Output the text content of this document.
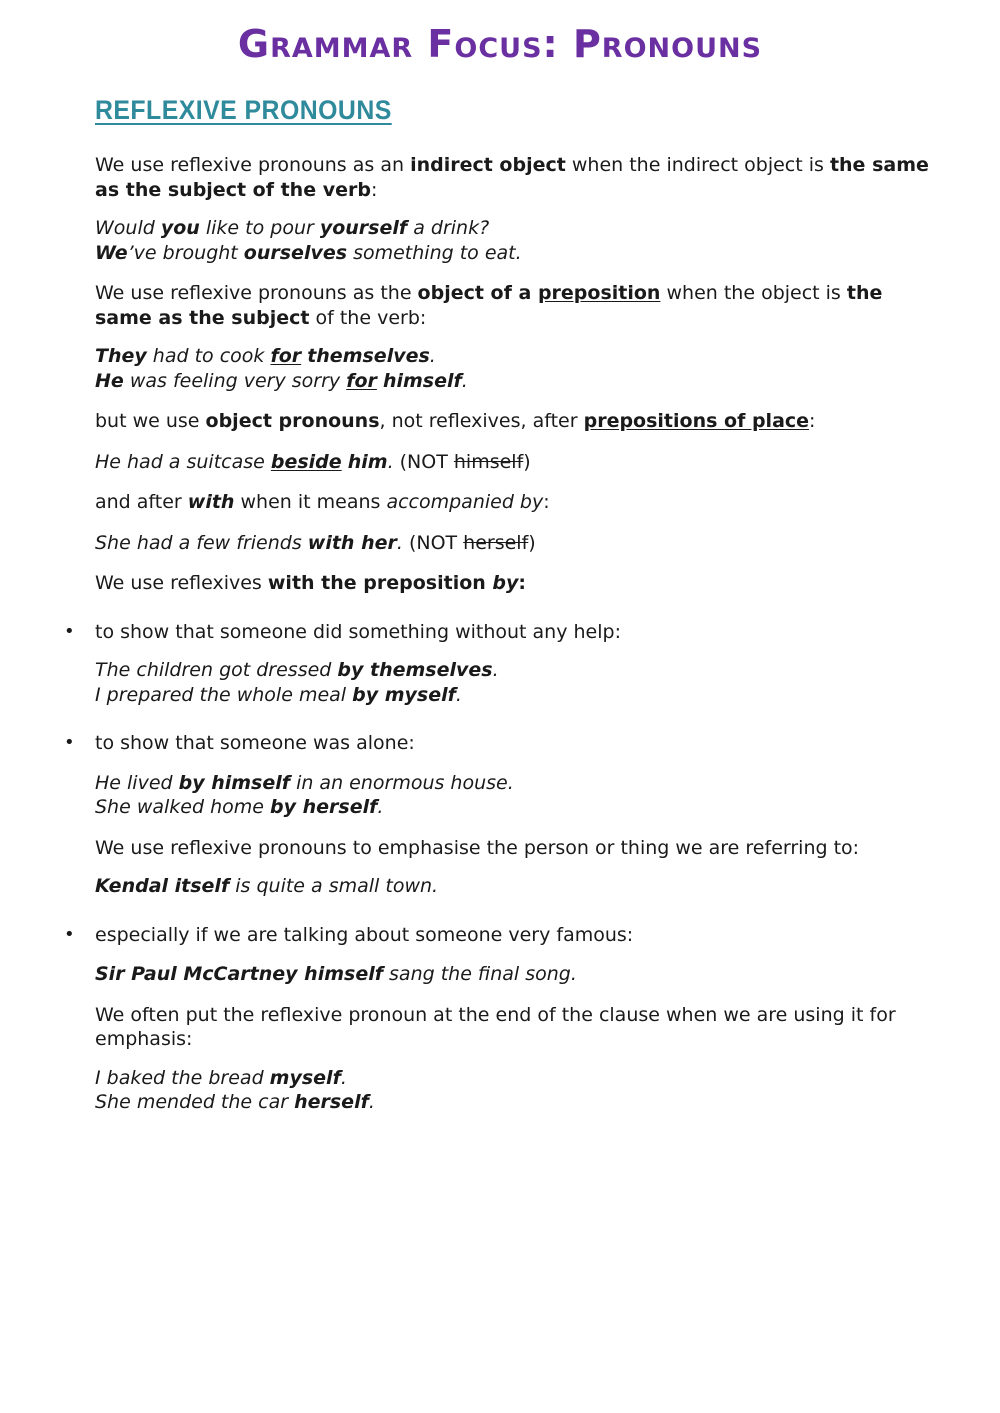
Grammar Focus: Pronouns
REFLEXIVE PRONOUNS

We use reflexive pronouns as an indirect object when the indirect object is the same as the subject of the verb:

Would you like to pour yourself a drink?
We’ve brought ourselves something to eat.

We use reflexive pronouns as the object of a preposition when the object is the same as the subject of the verb:

They had to cook for themselves.
He was feeling very sorry for himself.

but we use object pronouns, not reflexives, after prepositions of place:

He had a suitcase beside him. (NOT himself)

and after with when it means accompanied by:

She had a few friends with her. (NOT herself)

We use reflexives with the preposition by:

• to show that someone did something without any help:

The children got dressed by themselves.
I prepared the whole meal by myself.

• to show that someone was alone:

He lived by himself in an enormous house.
She walked home by herself.

We use reflexive pronouns to emphasise the person or thing we are referring to:

Kendal itself is quite a small town.

• especially if we are talking about someone very famous:

Sir Paul McCartney himself sang the final song.

We often put the reflexive pronoun at the end of the clause when we are using it for emphasis:

I baked the bread myself.
She mended the car herself.
